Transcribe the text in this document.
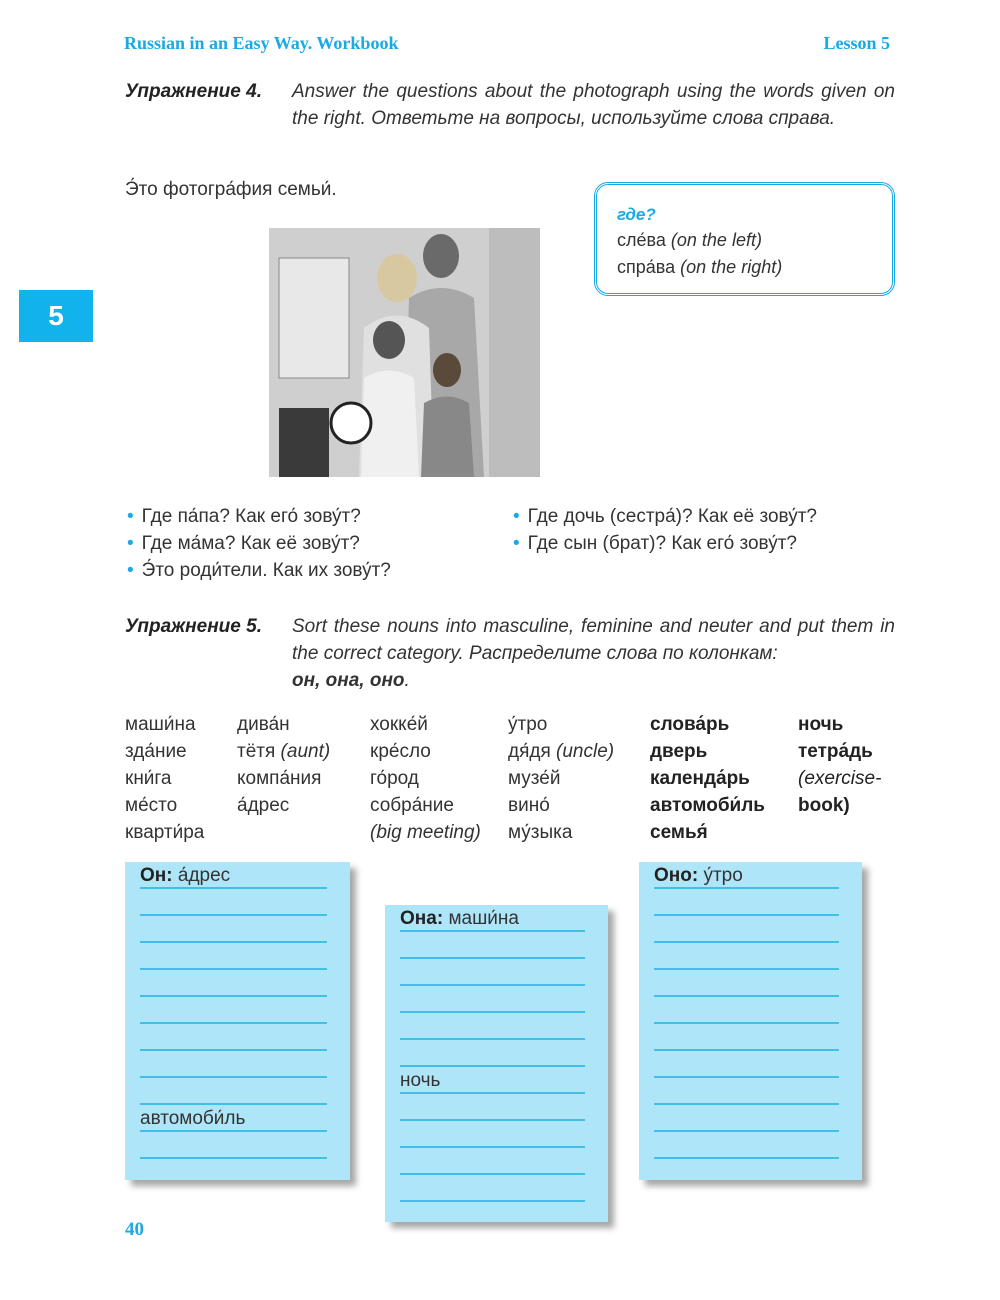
Russian in an Easy Way. Workbook	Lesson 5
5
Упражнение 4. Answer the questions about the photograph using the words given on the right. Ответьте на вопросы, используйте слова справа.
Э́то фотогра́фия семьи́.
где?
сле́ва (on the left)
спра́ва (on the right)
• Где па́па? Как его́ зову́т?
• Где ма́ма? Как её зову́т?
• Э́то роди́тели. Как их зову́т?
• Где дочь (сестра́)? Как её зову́т?
• Где сын (брат)? Как его́ зову́т?
Упражнение 5. Sort these nouns into masculine, feminine and neuter and put them in the correct category. Распределите слова по колонкам:
он, она, оно.
маши́на
зда́ние
кни́га
ме́сто
кварти́ра
дива́н
тётя (aunt)
компа́ния
а́дрес
хокке́й
кре́сло
го́род
собра́ние
(big meeting)
у́тро
дя́дя (uncle)
музе́й
вино́
му́зыка
слова́рь
дверь
календа́рь
автомоби́ль
семья́
ночь
тетра́дь
(exercise-
book)
Он: а́дрес
автомоби́ль
Она: маши́на
ночь
Оно: у́тро
40
